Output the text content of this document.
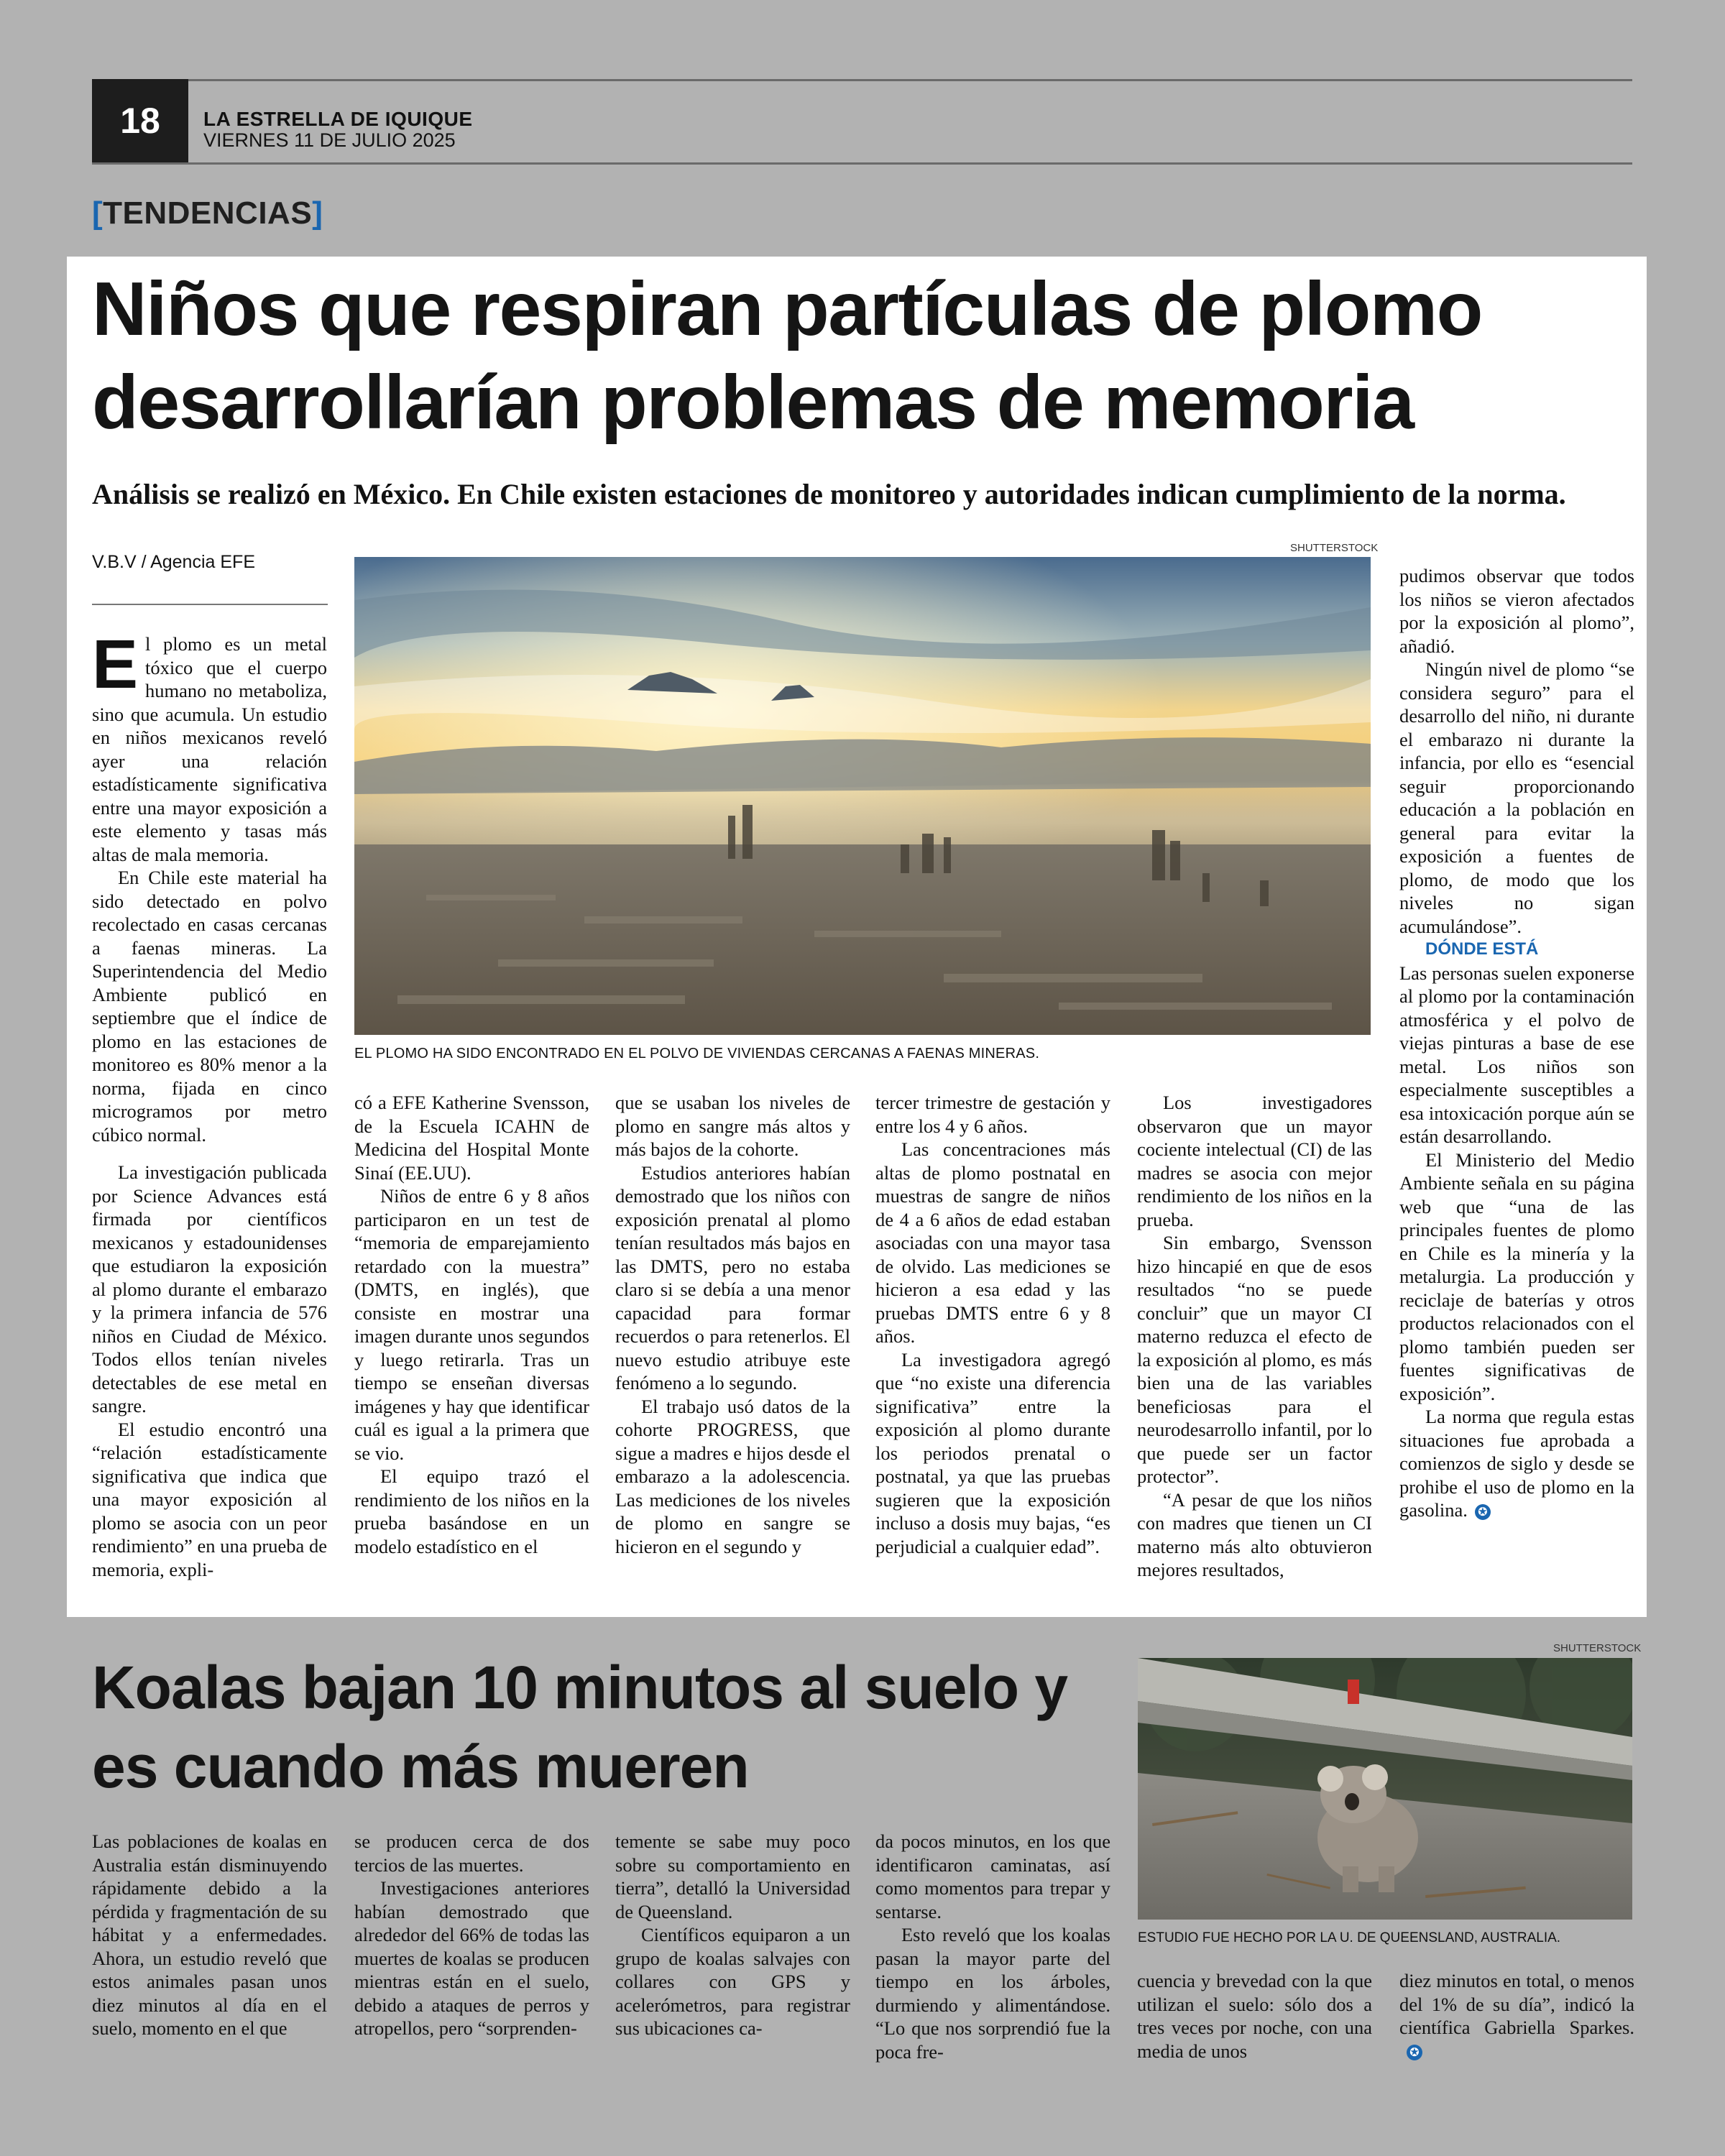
18	LA ESTRELLA DE IQUIQUE
VIERNES 11 DE JULIO 2025
[TENDENCIAS]
Niños que respiran partículas de plomo desarrollarían problemas de memoria
Análisis se realizó en México. En Chile existen estaciones de monitoreo y autoridades indican cumplimiento de la norma.
V.B.V / Agencia EFE
SHUTTERSTOCK
EL PLOMO HA SIDO ENCONTRADO EN EL POLVO DE VIVIENDAS CERCANAS A FAENAS MINERAS.

El plomo es un metal tóxico que el cuerpo humano no metaboliza, sino que acumula. Un estudio en niños mexicanos reveló ayer una relación estadísticamente significativa entre una mayor exposición a este elemento y tasas más altas de mala memoria.

En Chile este material ha sido detectado en polvo recolectado en casas cercanas a faenas mineras. La Superintendencia del Medio Ambiente publicó en septiembre que el índice de plomo en las estaciones de monitoreo es 80% menor a la norma, fijada en cinco microgramos por metro cúbico normal.

La investigación publicada por Science Advances está firmada por científicos mexicanos y estadounidenses que estudiaron la exposición al plomo durante el embarazo y la primera infancia de 576 niños en Ciudad de México. Todos ellos tenían niveles detectables de ese metal en sangre.

El estudio encontró una “relación estadísticamente significativa que indica que una mayor exposición al plomo se asocia con un peor rendimiento” en una prueba de memoria, expli-

có a EFE Katherine Svensson, de la Escuela ICAHN de Medicina del Hospital Monte Sinaí (EE.UU).

Niños de entre 6 y 8 años participaron en un test de “memoria de emparejamiento retardado con la muestra” (DMTS, en inglés), que consiste en mostrar una imagen durante unos segundos y luego retirarla. Tras un tiempo se enseñan diversas imágenes y hay que identificar cuál es igual a la primera que se vio.

El equipo trazó el rendimiento de los niños en la prueba basándose en un modelo estadístico en el

que se usaban los niveles de plomo en sangre más altos y más bajos de la cohorte.

Estudios anteriores habían demostrado que los niños con exposición prenatal al plomo tenían resultados más bajos en las DMTS, pero no estaba claro si se debía a una menor capacidad para formar recuerdos o para retenerlos. El nuevo estudio atribuye este fenómeno a lo segundo.

El trabajo usó datos de la cohorte PROGRESS, que sigue a madres e hijos desde el embarazo a la adolescencia. Las mediciones de los niveles de plomo en sangre se hicieron en el segundo y

tercer trimestre de gestación y entre los 4 y 6 años.

Las concentraciones más altas de plomo postnatal en muestras de sangre de niños de 4 a 6 años de edad estaban asociadas con una mayor tasa de olvido. Las mediciones se hicieron a esa edad y las pruebas DMTS entre 6 y 8 años.

La investigadora agregó que “no existe una diferencia significativa” entre la exposición al plomo durante los periodos prenatal o postnatal, ya que las pruebas sugieren que la exposición incluso a dosis muy bajas, “es perjudicial a cualquier edad”.

Los investigadores observaron que un mayor cociente intelectual (CI) de las madres se asocia con mejor rendimiento de los niños en la prueba.

Sin embargo, Svensson hizo hincapié en que de esos resultados “no se puede concluir” que un mayor CI materno reduzca el efecto de la exposición al plomo, es más bien una de las variables beneficiosas para el neurodesarrollo infantil, por lo que puede ser un factor protector”.

“A pesar de que los niños con madres que tienen un CI materno más alto obtuvieron mejores resultados,

pudimos observar que todos los niños se vieron afectados por la exposición al plomo”, añadió.

Ningún nivel de plomo “se considera seguro” para el desarrollo del niño, ni durante el embarazo ni durante la infancia, por ello es “esencial seguir proporcionando educación a la población en general para evitar la exposición a fuentes de plomo, de modo que los niveles no sigan acumulándose”.

DÓNDE ESTÁ

Las personas suelen exponerse al plomo por la contaminación atmosférica y el polvo de viejas pinturas a base de ese metal. Los niños son especialmente susceptibles a esa intoxicación porque aún se están desarrollando.

El Ministerio del Medio Ambiente señala en su página web que “una de las principales fuentes de plomo en Chile es la minería y la metalurgia. La producción y reciclaje de baterías y otros productos relacionados con el plomo también pueden ser fuentes significativas de exposición”.

La norma que regula estas situaciones fue aprobada a comienzos de siglo y desde se prohibe el uso de plomo en la gasolina. ✪

Koalas bajan 10 minutos al suelo y es cuando más mueren
SHUTTERSTOCK
ESTUDIO FUE HECHO POR LA U. DE QUEENSLAND, AUSTRALIA.

Las poblaciones de koalas en Australia están disminuyendo rápidamente debido a la pérdida y fragmentación de su hábitat y a enfermedades. Ahora, un estudio reveló que estos animales pasan unos diez minutos al día en el suelo, momento en el que

se producen cerca de dos tercios de las muertes.

Investigaciones anteriores habían demostrado que alrededor del 66% de todas las muertes de koalas se producen mientras están en el suelo, debido a ataques de perros y atropellos, pero “sorprenden-

temente se sabe muy poco sobre su comportamiento en tierra”, detalló la Universidad de Queensland.

Científicos equiparon a un grupo de koalas salvajes con collares con GPS y acelerómetros, para registrar sus ubicaciones ca-

da pocos minutos, en los que identificaron caminatas, así como momentos para trepar y sentarse.

Esto reveló que los koalas pasan la mayor parte del tiempo en los árboles, durmiendo y alimentándose. “Lo que nos sorprendió fue la poca fre-

cuencia y brevedad con la que utilizan el suelo: sólo dos a tres veces por noche, con una media de unos

diez minutos en total, o menos del 1% de su día”, indicó la científica Gabriella Sparkes.✪
